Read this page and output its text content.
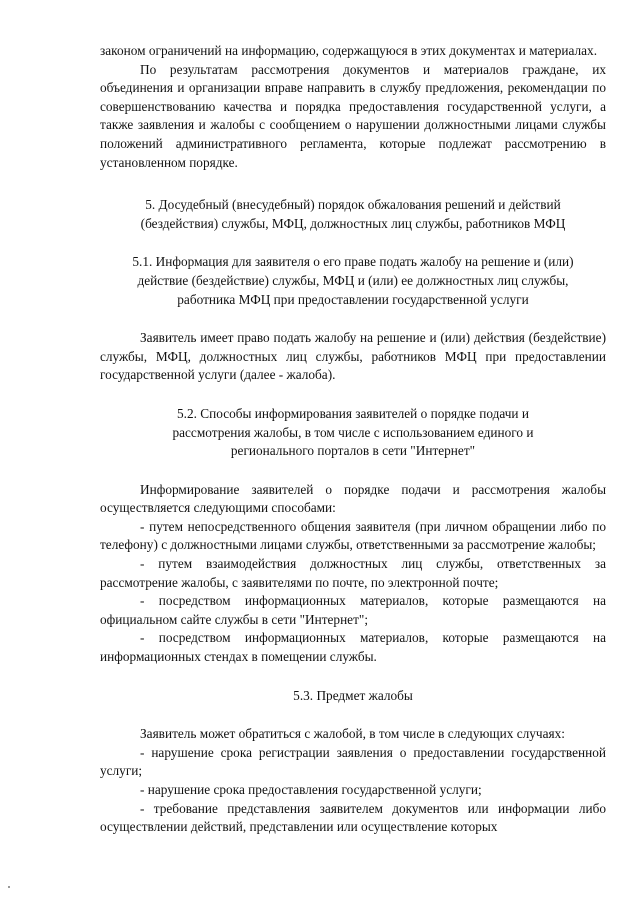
законом ограничений на информацию, содержащуюся в этих документах и материалах.

По результатам рассмотрения документов и материалов граждане, их объединения и организации вправе направить в службу предложения, рекомендации по совершенствованию качества и порядка предоставления государственной услуги, а также заявления и жалобы с сообщением о нарушении должностными лицами службы положений административного регламента, которые подлежат рассмотрению в установленном порядке.

5. Досудебный (внесудебный) порядок обжалования решений и действий (бездействия) службы, МФЦ, должностных лиц службы, работников МФЦ

5.1. Информация для заявителя о его праве подать жалобу на решение и (или) действие (бездействие) службы, МФЦ и (или) ее должностных лиц службы, работника МФЦ при предоставлении государственной услуги

Заявитель имеет право подать жалобу на решение и (или) действия (бездействие) службы, МФЦ, должностных лиц службы, работников МФЦ при предоставлении государственной услуги (далее - жалоба).

5.2. Способы информирования заявителей о порядке подачи и рассмотрения жалобы, в том числе с использованием единого и регионального порталов в сети "Интернет"

Информирование заявителей о порядке подачи и рассмотрения жалобы осуществляется следующими способами:

- путем непосредственного общения заявителя (при личном обращении либо по телефону) с должностными лицами службы, ответственными за рассмотрение жалобы;

- путем взаимодействия должностных лиц службы, ответственных за рассмотрение жалобы, с заявителями по почте, по электронной почте;

- посредством информационных материалов, которые размещаются на официальном сайте службы в сети "Интернет";

- посредством информационных материалов, которые размещаются на информационных стендах в помещении службы.

5.3. Предмет жалобы

Заявитель может обратиться с жалобой, в том числе в следующих случаях:

- нарушение срока регистрации заявления о предоставлении государственной услуги;

- нарушение срока предоставления государственной услуги;

- требование представления заявителем документов или информации либо осуществлении действий, представлении или осуществление которых
